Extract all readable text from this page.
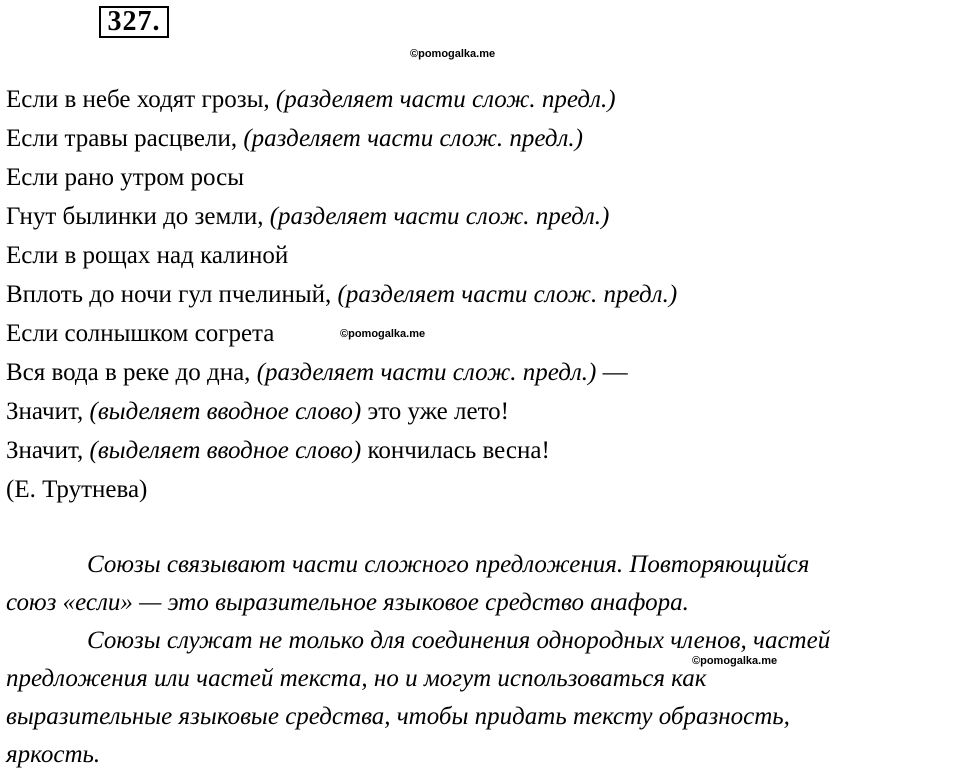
327.
©pomogalka.me
©pomogalka.me
©pomogalka.me
Если в небе ходят грозы, (разделяет части слож. предл.)
Если травы расцвели, (разделяет части слож. предл.)
Если рано утром росы
Гнут былинки до земли, (разделяет части слож. предл.)
Если в рощах над калиной
Вплоть до ночи гул пчелиный, (разделяет части слож. предл.)
Если солнышком согрета
Вся вода в реке до дна, (разделяет части слож. предл.) —
Значит, (выделяет вводное слово) это уже лето!
Значит, (выделяет вводное слово) кончилась весна!
(Е. Трутнева)
Союзы связывают части сложного предложения. Повторяющийся
союз «если» — это выразительное языковое средство анафора.
Союзы служат не только для соединения однородных членов, частей
предложения или частей текста, но и могут использоваться как
выразительные языковые средства, чтобы придать тексту образность,
яркость.
